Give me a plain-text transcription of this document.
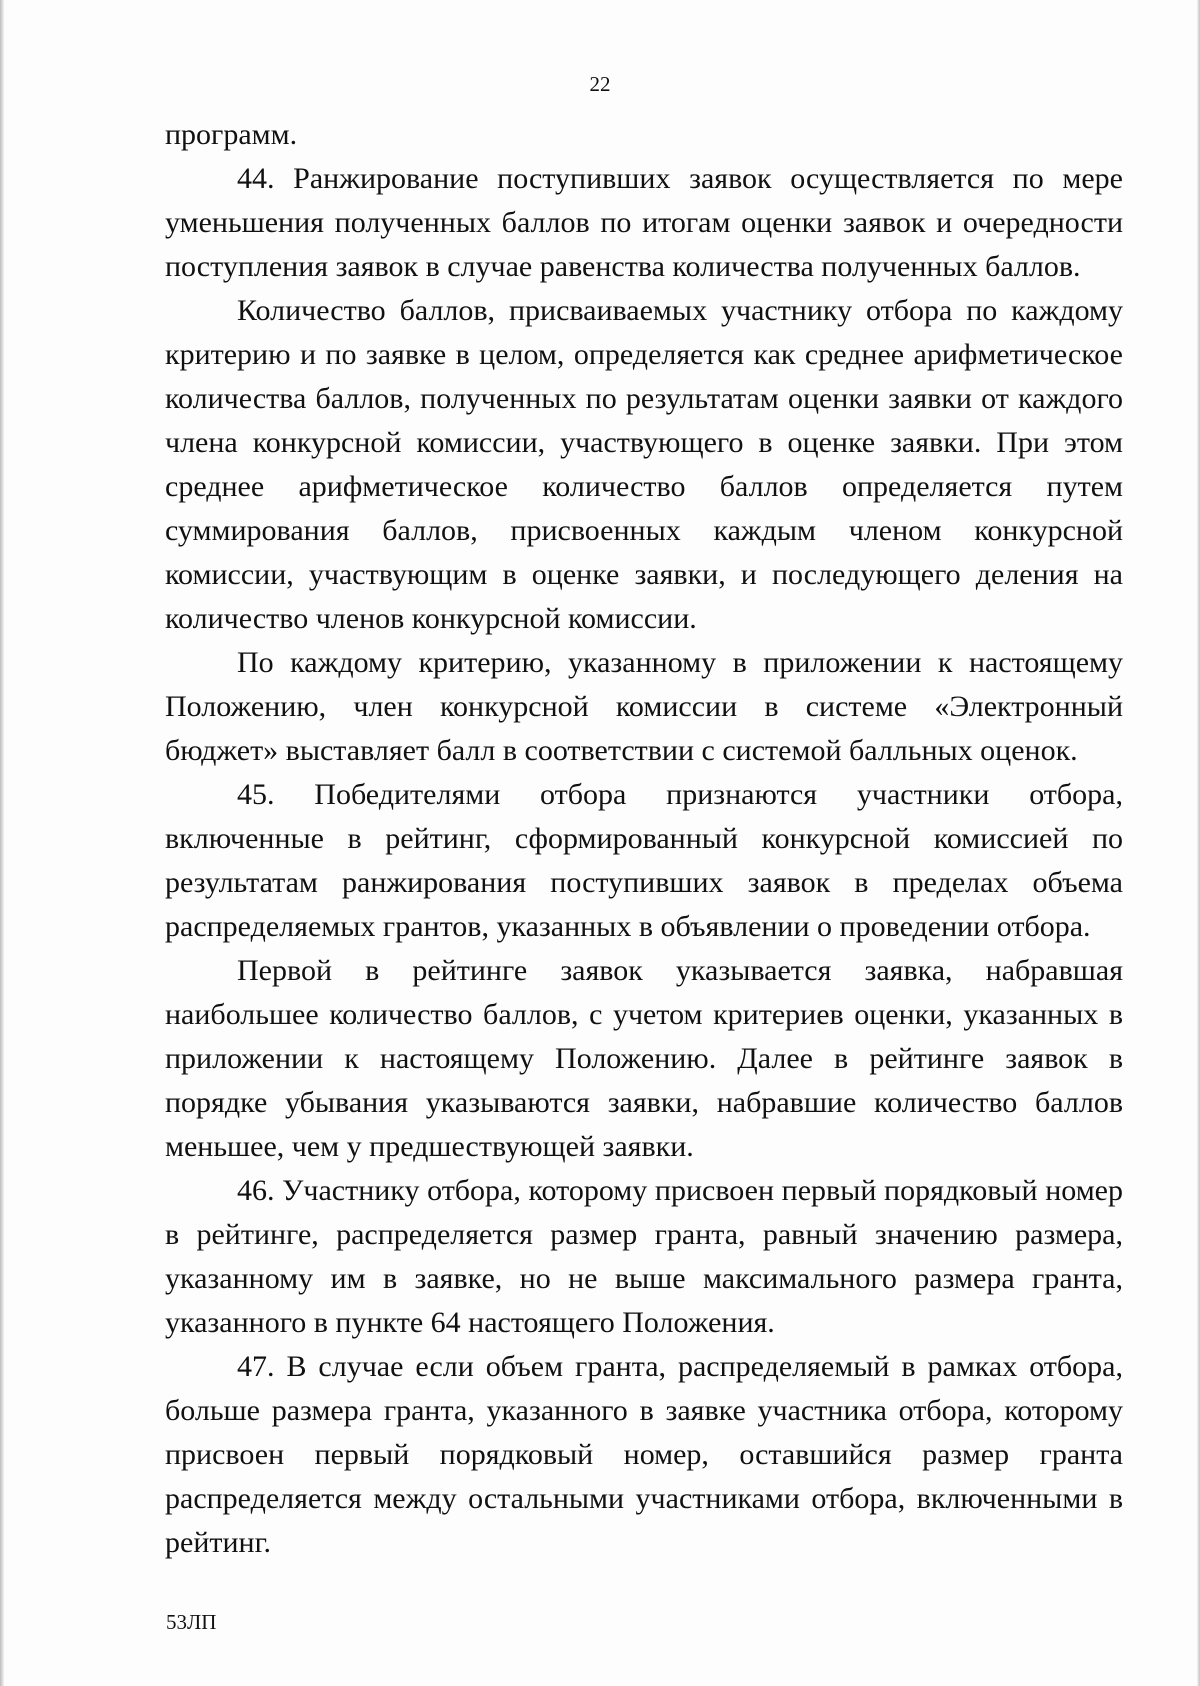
22

программ.

44. Ранжирование поступивших заявок осуществляется по мере уменьшения полученных баллов по итогам оценки заявок и очередности поступления заявок в случае равенства количества полученных баллов.

Количество баллов, присваиваемых участнику отбора по каждому критерию и по заявке в целом, определяется как среднее арифметическое количества баллов, полученных по результатам оценки заявки от каждого члена конкурсной комиссии, участвующего в оценке заявки. При этом среднее арифметическое количество баллов определяется путем суммирования баллов, присвоенных каждым членом конкурсной комиссии, участвующим в оценке заявки, и последующего деления на количество членов конкурсной комиссии.

По каждому критерию, указанному в приложении к настоящему Положению, член конкурсной комиссии в системе «Электронный бюджет» выставляет балл в соответствии с системой балльных оценок.

45. Победителями отбора признаются участники отбора, включенные в рейтинг, сформированный конкурсной комиссией по результатам ранжирования поступивших заявок в пределах объема распределяемых грантов, указанных в объявлении о проведении отбора.

Первой в рейтинге заявок указывается заявка, набравшая наибольшее количество баллов, с учетом критериев оценки, указанных в приложении к настоящему Положению. Далее в рейтинге заявок в порядке убывания указываются заявки, набравшие количество баллов меньшее, чем у предшествующей заявки.

46. Участнику отбора, которому присвоен первый порядковый номер в рейтинге, распределяется размер гранта, равный значению размера, указанному им в заявке, но не выше максимального размера гранта, указанного в пункте 64 настоящего Положения.

47. В случае если объем гранта, распределяемый в рамках отбора, больше размера гранта, указанного в заявке участника отбора, которому присвоен первый порядковый номер, оставшийся размер гранта распределяется между остальными участниками отбора, включенными в рейтинг.

53ЛП
